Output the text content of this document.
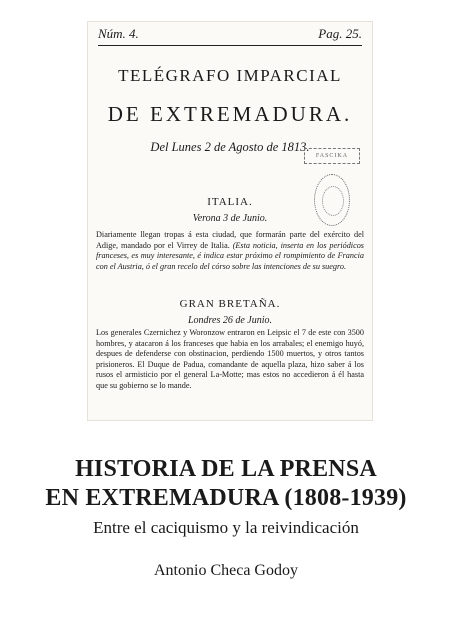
Núm. 4.	Pag. 25.
TELÉGRAFO IMPARCIAL
DE EXTREMADURA.
Del Lunes 2 de Agosto de 1813.
FASCIKA
ITALIA.
Verona 3 de Junio.
Diariamente llegan tropas á esta ciudad, que formarán parte del exército del Adige, mandado por el Virrey de Italia. (Esta noticia, inserta en los periódicos franceses, es muy interesante, é indica estar próximo el rompimiento de Francia con el Austria, ó el gran recelo del córso sobre las intenciones de su suegro.
GRAN BRETAÑA.
Londres 26 de Junio.
Los generales Czernichez y Woronzow entraron en Leipsic el 7 de este con 3500 hombres, y atacaron á los franceses que habia en los arrabales; el enemigo huyó, despues de defenderse con obstinacion, perdiendo 1500 muertos, y otros tantos prisioneros. El Duque de Padua, comandante de aquella plaza, hizo saber á los rusos el armisticio por el general La-Motte; mas estos no accedieron á él hasta que su gobierno se lo mande.
HISTORIA DE LA PRENSA
EN EXTREMADURA (1808-1939)
Entre el caciquismo y la reivindicación
Antonio Checa Godoy
